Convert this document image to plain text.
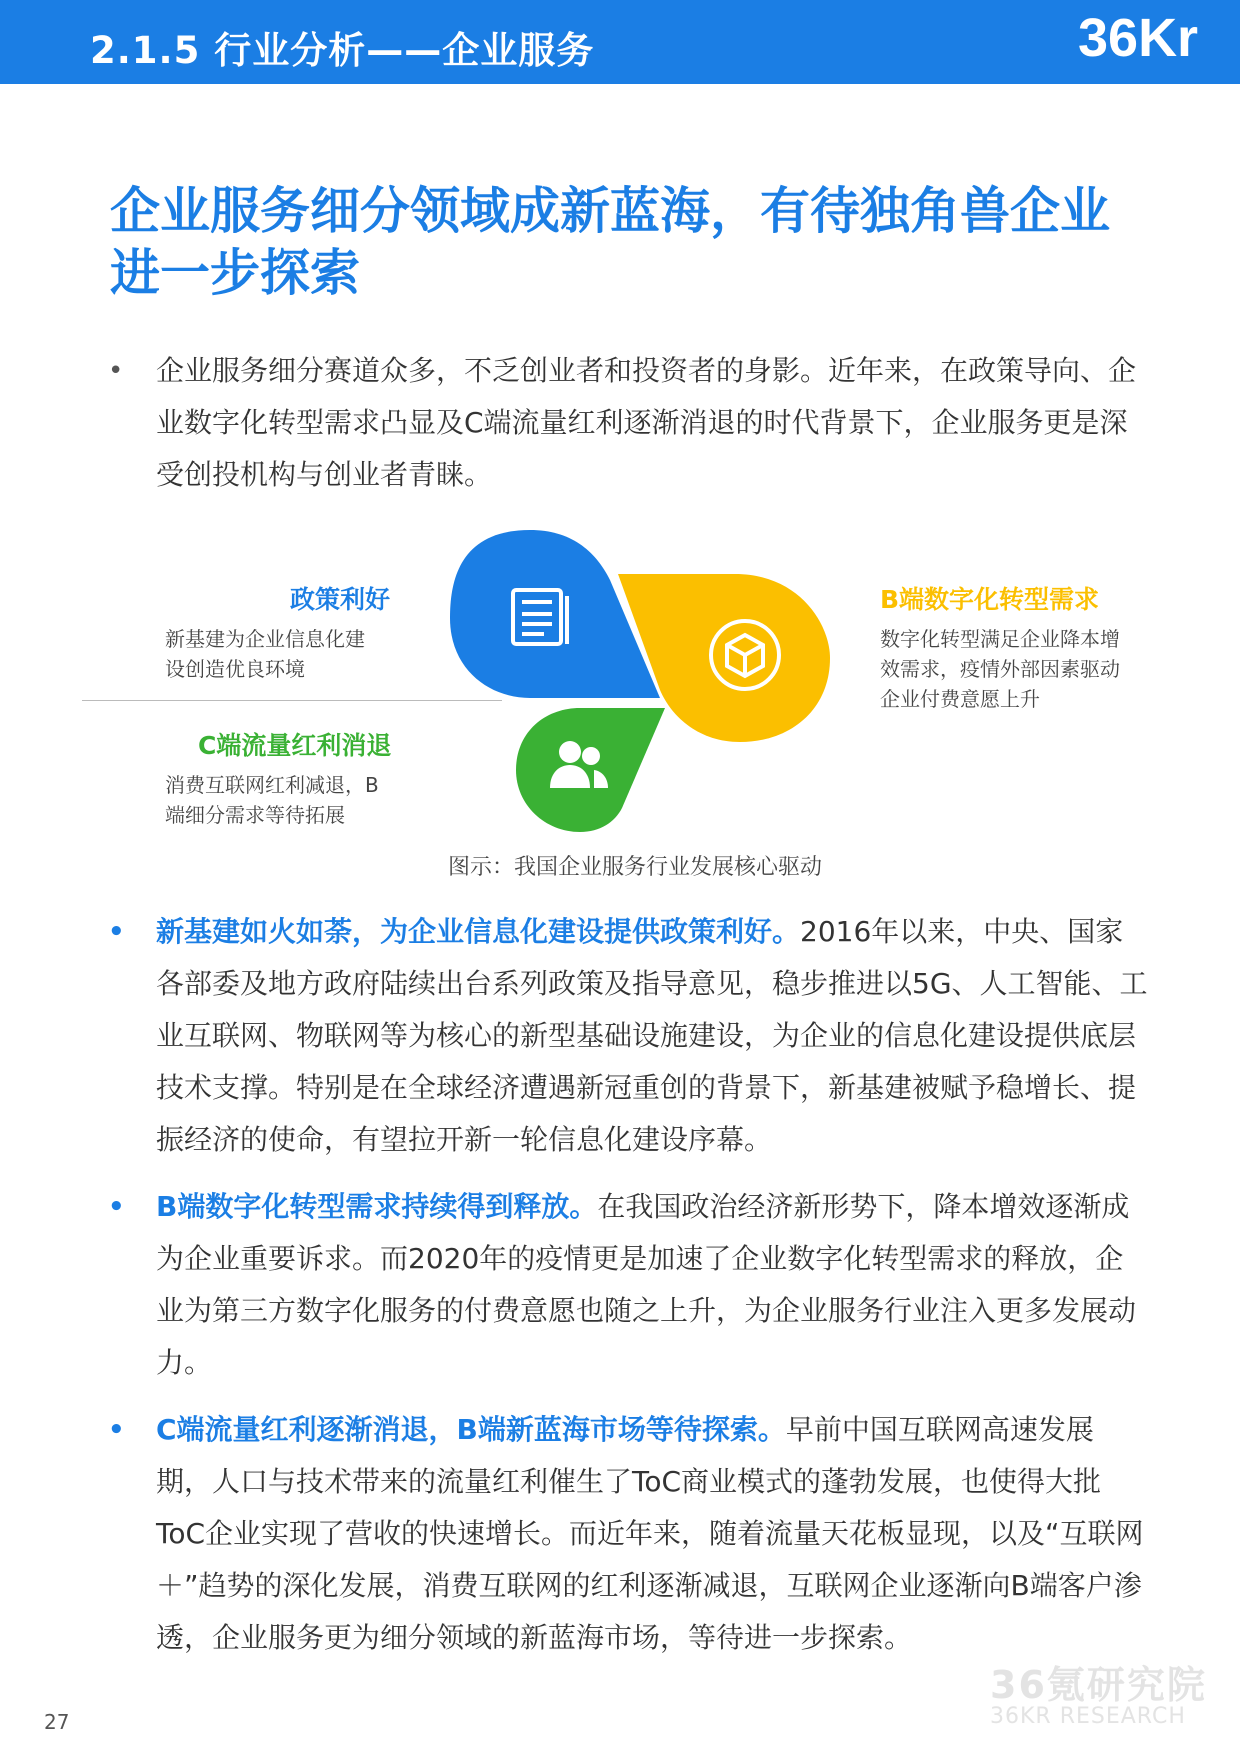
2.1.5 行业分析——企业服务	36Kr
企业服务细分领域成新蓝海，有待独角兽企业
进一步探索
• 企业服务细分赛道众多，不乏创业者和投资者的身影。近年来，在政策导向、企业数字化转型需求凸显及C端流量红利逐渐消退的时代背景下，企业服务更是深受创投机构与创业者青睐。
政策利好
新基建为企业信息化建
设创造优良环境
C端流量红利消退
消费互联网红利减退，B
端细分需求等待拓展
B端数字化转型需求
数字化转型满足企业降本增
效需求，疫情外部因素驱动
企业付费意愿上升
图示：我国企业服务行业发展核心驱动
• 新基建如火如荼，为企业信息化建设提供政策利好。2016年以来，中央、国家各部委及地方政府陆续出台系列政策及指导意见，稳步推进以5G、人工智能、工业互联网、物联网等为核心的新型基础设施建设，为企业的信息化建设提供底层技术支撑。特别是在全球经济遭遇新冠重创的背景下，新基建被赋予稳增长、提振经济的使命，有望拉开新一轮信息化建设序幕。
• B端数字化转型需求持续得到释放。在我国政治经济新形势下，降本增效逐渐成为企业重要诉求。而2020年的疫情更是加速了企业数字化转型需求的释放，企业为第三方数字化服务的付费意愿也随之上升，为企业服务行业注入更多发展动力。
• C端流量红利逐渐消退，B端新蓝海市场等待探索。早前中国互联网高速发展期，人口与技术带来的流量红利催生了ToC商业模式的蓬勃发展，也使得大批ToC企业实现了营收的快速增长。而近年来，随着流量天花板显现，以及“互联网＋”趋势的深化发展，消费互联网的红利逐渐减退，互联网企业逐渐向B端客户渗透，企业服务更为细分领域的新蓝海市场，等待进一步探索。
36氪研究院
36KR RESEARCH
27
